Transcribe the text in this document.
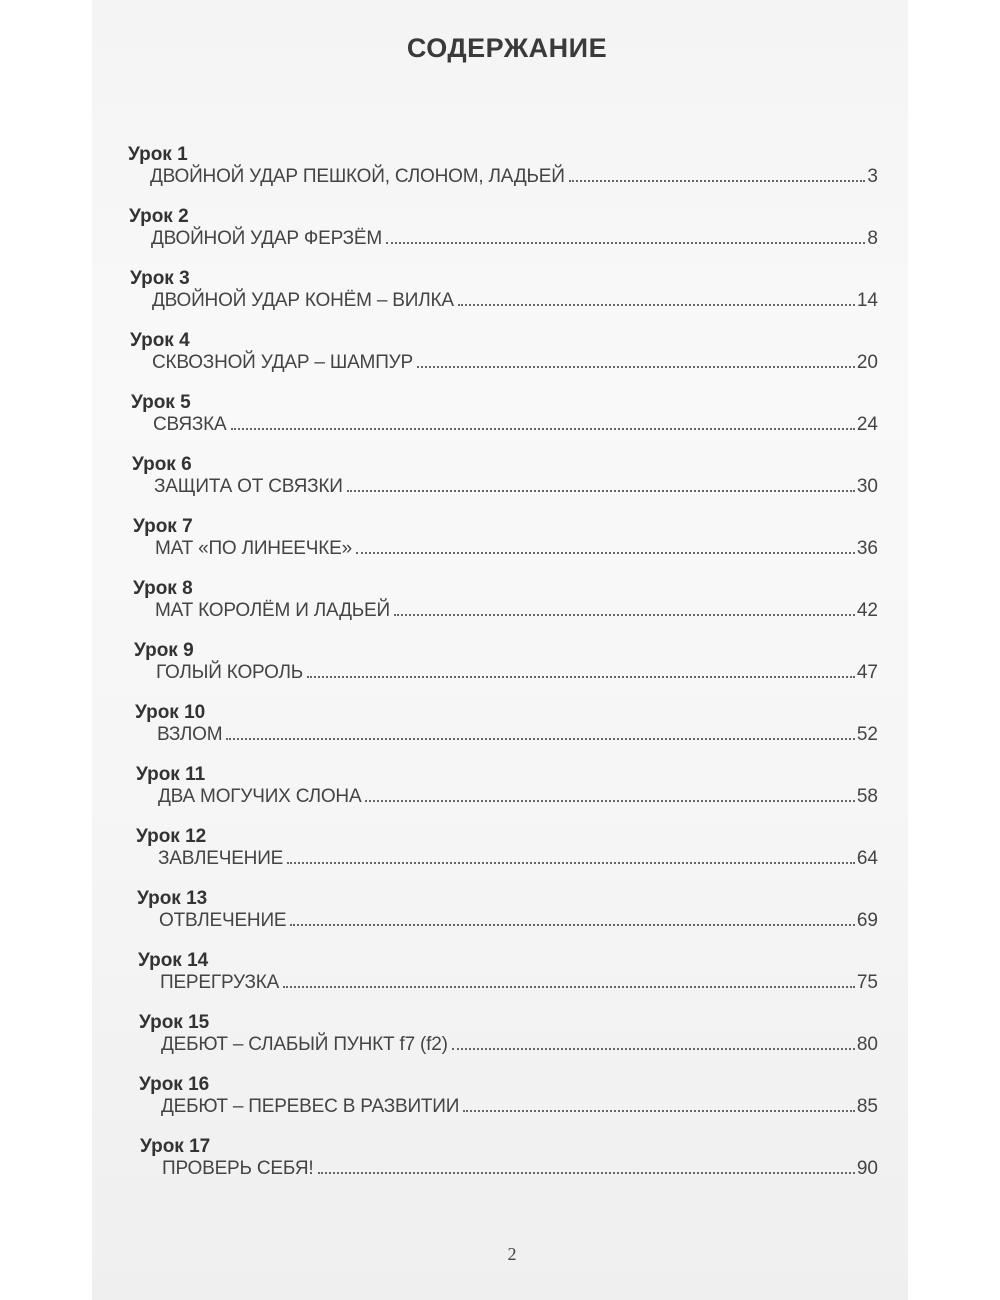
СОДЕРЖАНИЕ
Урок 1
ДВОЙНОЙ УДАР ПЕШКОЙ, СЛОНОМ, ЛАДЬЕЙ	3
Урок 2
ДВОЙНОЙ УДАР ФЕРЗЁМ	8
Урок 3
ДВОЙНОЙ УДАР КОНЁМ – ВИЛКА	14
Урок 4
СКВОЗНОЙ УДАР – ШАМПУР	20
Урок 5
СВЯЗКА	24
Урок 6
ЗАЩИТА ОТ СВЯЗКИ	30
Урок 7
МАТ «ПО ЛИНЕЕЧКЕ»	36
Урок 8
МАТ КОРОЛЁМ И ЛАДЬЕЙ	42
Урок 9
ГОЛЫЙ КОРОЛЬ	47
Урок 10
ВЗЛОМ	52
Урок 11
ДВА МОГУЧИХ СЛОНА	58
Урок 12
ЗАВЛЕЧЕНИЕ	64
Урок 13
ОТВЛЕЧЕНИЕ	69
Урок 14
ПЕРЕГРУЗКА	75
Урок 15
ДЕБЮТ – СЛАБЫЙ ПУНКТ f7 (f2)	80
Урок 16
ДЕБЮТ – ПЕРЕВЕС В РАЗВИТИИ	85
Урок 17
ПРОВЕРЬ СЕБЯ!	90
2
